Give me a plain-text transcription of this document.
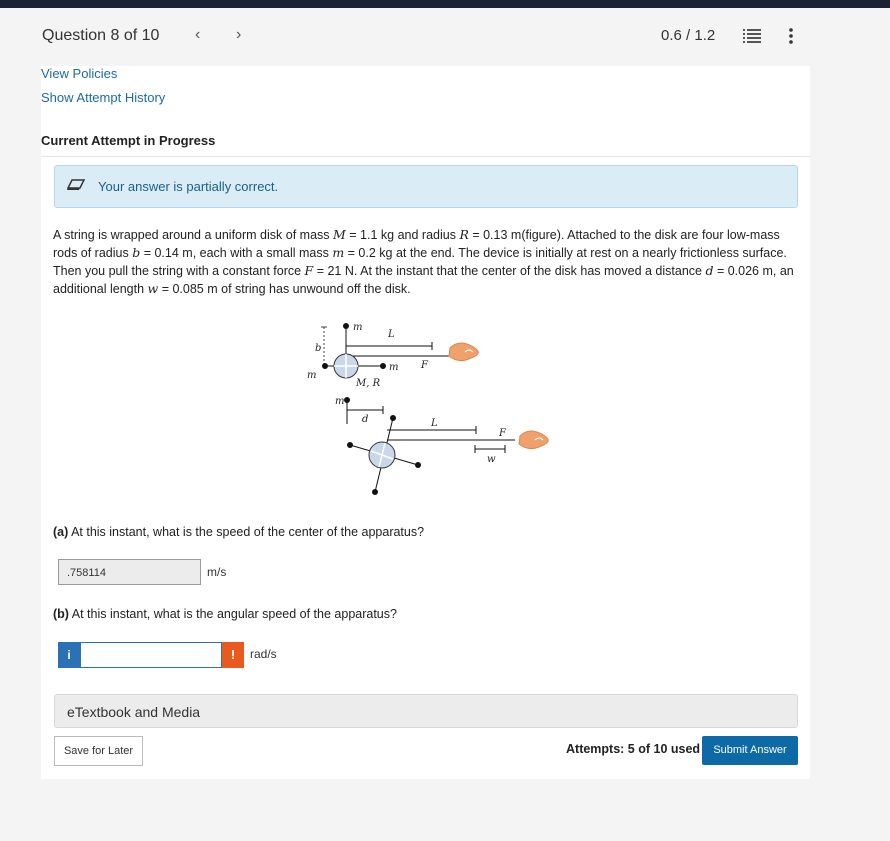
Question 8 of 10 ‹ ›	0.6 / 1.2
View Policies
Show Attempt History
Current Attempt in Progress
Your answer is partially correct.
A string is wrapped around a uniform disk of mass M = 1.1 kg and radius R = 0.13 m(figure). Attached to the disk are four low-mass rods of radius b = 0.14 m, each with a small mass m = 0.2 kg at the end. The device is initially at rest on a nearly frictionless surface. Then you pull the string with a constant force F = 21 N. At the instant that the center of the disk has moved a distance d = 0.026 m, an additional length w = 0.085 m of string has unwound off the disk.
b
m
L
m
m F
M, R
m
d	L
F
w
(a) At this instant, what is the speed of the center of the apparatus?
.758114	m/s
(b) At this instant, what is the angular speed of the apparatus?
i	!	rad/s
eTextbook and Media
Save for Later	Attempts: 5 of 10 used	Submit Answer
